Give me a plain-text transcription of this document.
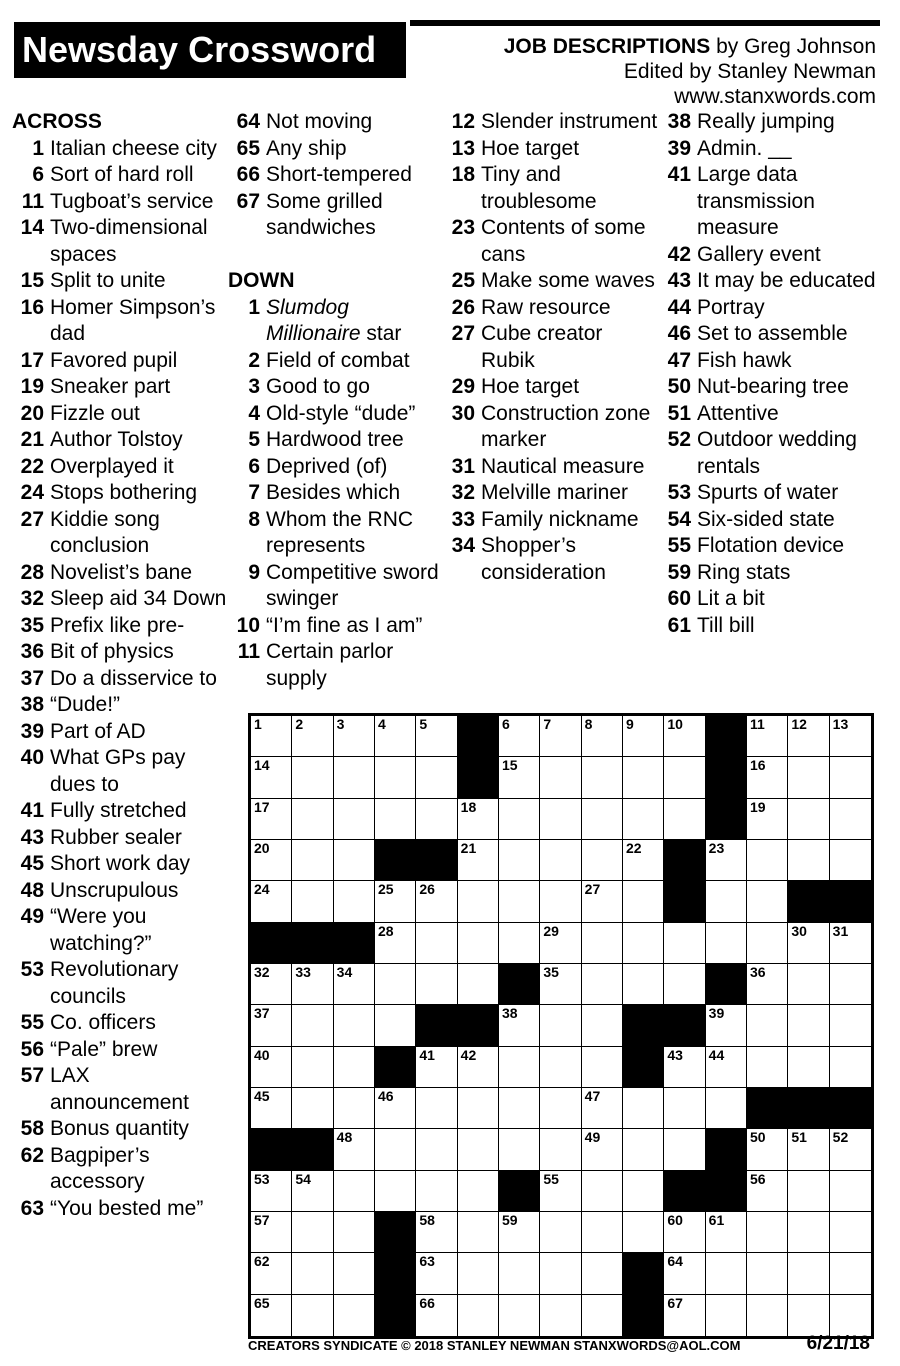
Newsday Crossword	JOB DESCRIPTIONS by Greg Johnson
Edited by Stanley Newman
www.stanxwords.com
ACROSS
1 Italian cheese city
6 Sort of hard roll
11 Tugboat’s service
14 Two-dimensional spaces
15 Split to unite
16 Homer Simpson’s dad
17 Favored pupil
19 Sneaker part
20 Fizzle out
21 Author Tolstoy
22 Overplayed it
24 Stops bothering
27 Kiddie song conclusion
28 Novelist’s bane
32 Sleep aid 34 Down
35 Prefix like pre-
36 Bit of physics
37 Do a disservice to
38 “Dude!”
39 Part of AD
40 What GPs pay dues to
41 Fully stretched
43 Rubber sealer
45 Short work day
48 Unscrupulous
49 “Were you watching?”
53 Revolutionary councils
55 Co. officers
56 “Pale” brew
57 LAX announcement
58 Bonus quantity
62 Bagpiper’s accessory
63 “You bested me”
64 Not moving
65 Any ship
66 Short-tempered
67 Some grilled sandwiches
DOWN
1 Slumdog Millionaire star
2 Field of combat
3 Good to go
4 Old-style “dude”
5 Hardwood tree
6 Deprived (of)
7 Besides which
8 Whom the RNC represents
9 Competitive sword swinger
10 “I’m fine as I am”
11 Certain parlor supply
12 Slender instrument
13 Hoe target
18 Tiny and troublesome
23 Contents of some cans
25 Make some waves
26 Raw resource
27 Cube creator Rubik
29 Hoe target
30 Construction zone marker
31 Nautical measure
32 Melville mariner
33 Family nickname
34 Shopper’s consideration
38 Really jumping
39 Admin. __
41 Large data transmission measure
42 Gallery event
43 It may be educated
44 Portray
46 Set to assemble
47 Fish hawk
50 Nut-bearing tree
51 Attentive
52 Outdoor wedding rentals
53 Spurts of water
54 Six-sided state
55 Flotation device
59 Ring stats
60 Lit a bit
61 Till bill
1 2 3 4 5	6 7 8 9 10	11 12 13
14	15	16
17	18	19
20	21	22	23
24	25 26	27
28	29	30 31
32 33 34	35	36
37	38	39
40	41 42	43 44
45	46	47
48	49	50 51 52
53 54	55	56
57	58	59	60 61
62	63	64
65	66	67
CREATORS SYNDICATE © 2018 STANLEY NEWMAN STANXWORDS@AOL.COM	6/21/18
